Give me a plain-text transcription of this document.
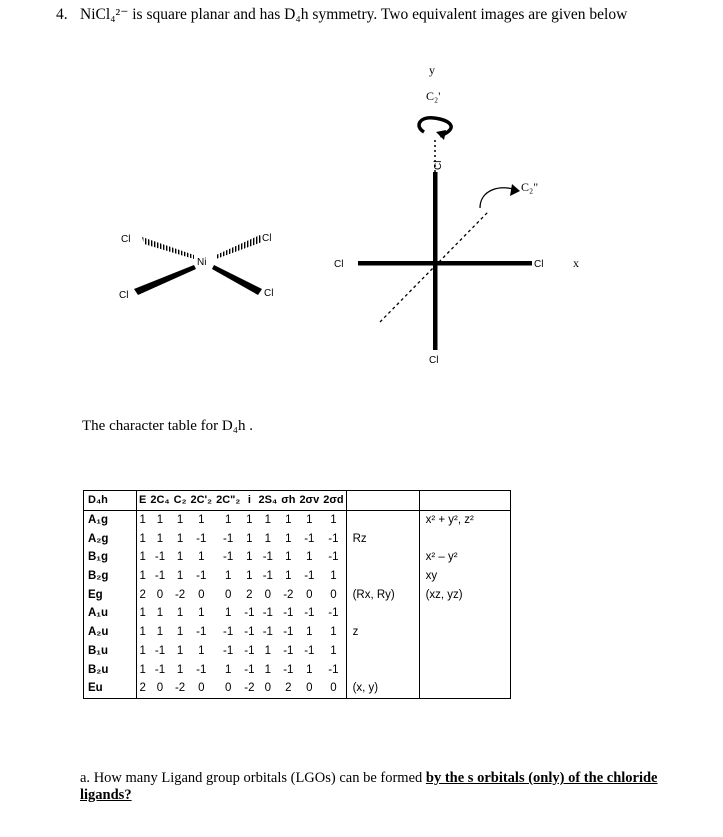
4. NiCl₄²⁻ is square planar and has D₄h symmetry. Two equivalent images are given below
Cl
Ni
Cl
Cl	Cl
y
C₂'
Cl
Cl	Cl x
Cl
C₂"
The character table for D₄h .
D₄h	E	2C₄	C₂	2C'₂	2C"₂	i	2S₄	σh	2σv	2σd		
A₁g	1	1	1	1	1	1	1	1	1	1		x² + y², z²
A₂g	1	1	1	-1	-1	1	1	1	-1	-1	Rz	
B₁g	1	-1	1	1	-1	1	-1	1	1	-1		x² – y²
B₂g	1	-1	1	-1	1	1	-1	1	-1	1		xy
Eg	2	0	-2	0	0	2	0	-2	0	0	(Rx, Ry)	(xz, yz)
A₁u	1	1	1	1	1	-1	-1	-1	-1	-1		
A₂u	1	1	1	-1	-1	-1	-1	-1	1	1	z	
B₁u	1	-1	1	1	-1	-1	1	-1	-1	1		
B₂u	1	-1	1	-1	1	-1	1	-1	1	-1		
Eu	2	0	-2	0	0	-2	0	2	0	0	(x, y)	
a. How many Ligand group orbitals (LGOs) can be formed by the s orbitals (only) of the chloride ligands?
